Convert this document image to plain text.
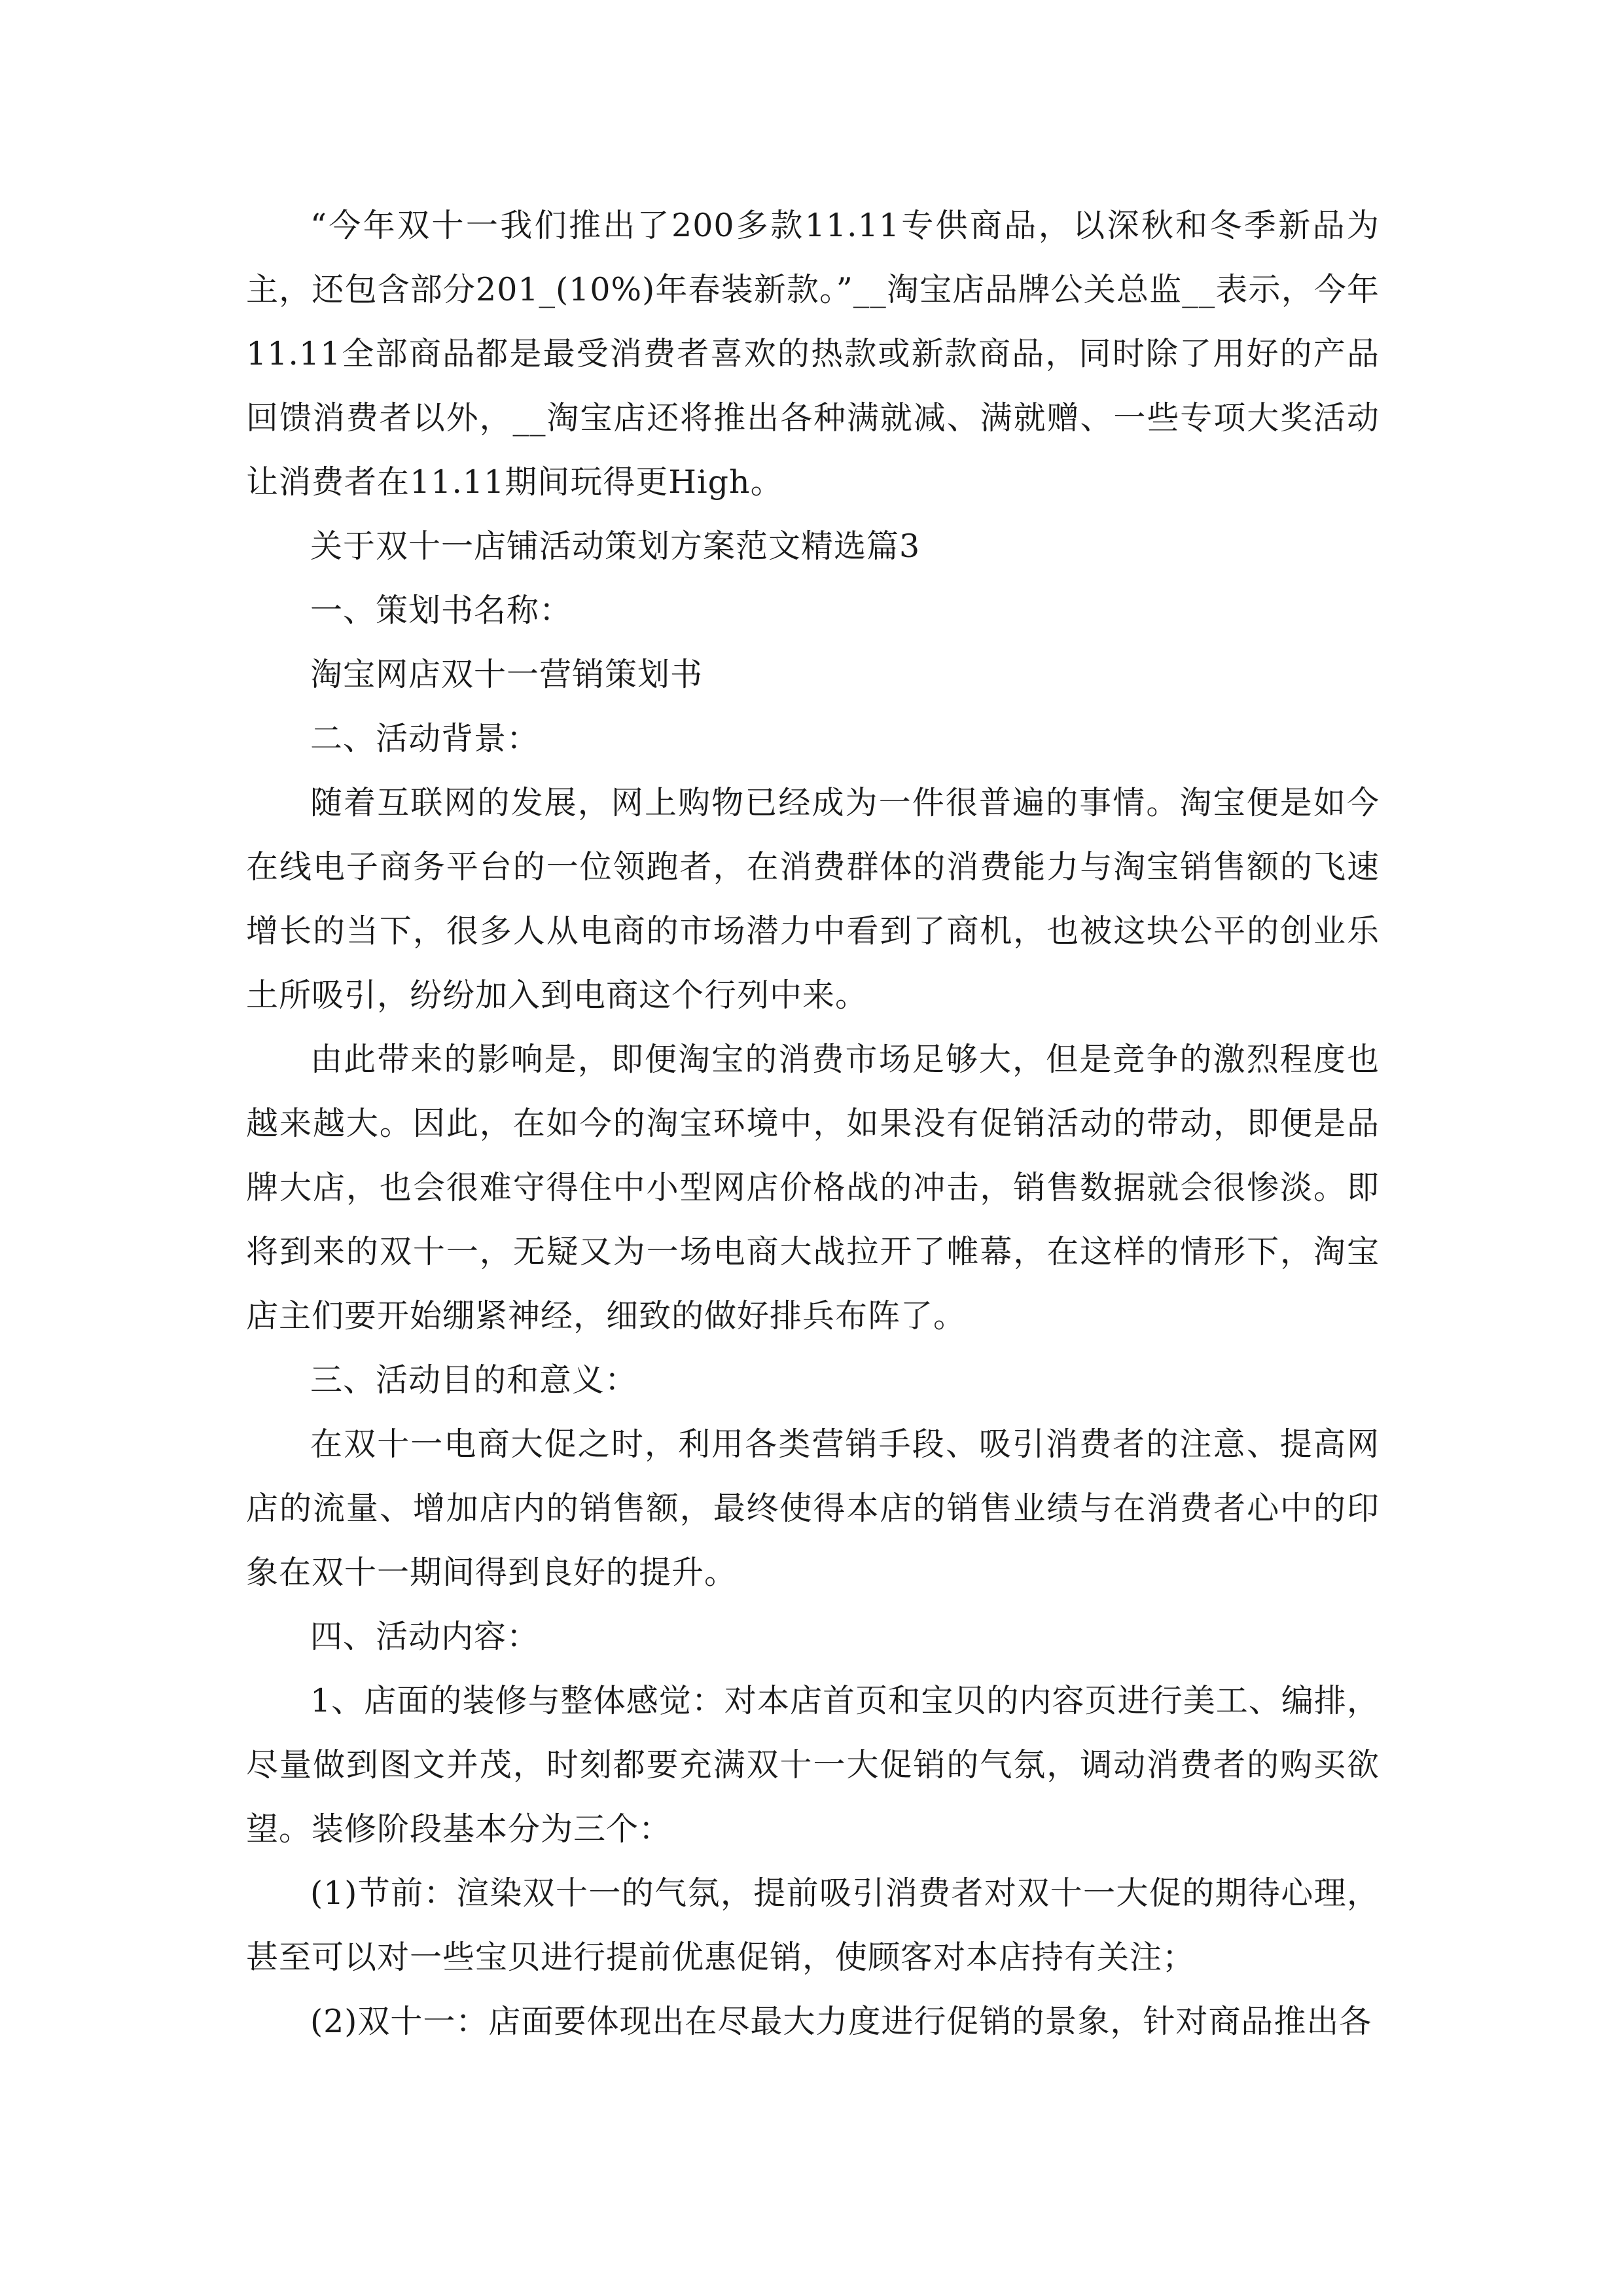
“今年双十一我们推出了200多款11.11专供商品，以深秋和冬季新品为主，还包含部分201_(10%)年春装新款。”__淘宝店品牌公关总监__表示，今年11.11全部商品都是最受消费者喜欢的热款或新款商品，同时除了用好的产品回馈消费者以外，__淘宝店还将推出各种满就减、满就赠、一些专项大奖活动让消费者在11.11期间玩得更High。

关于双十一店铺活动策划方案范文精选篇3

一、策划书名称：

淘宝网店双十一营销策划书

二、活动背景：

随着互联网的发展，网上购物已经成为一件很普遍的事情。淘宝便是如今在线电子商务平台的一位领跑者，在消费群体的消费能力与淘宝销售额的飞速增长的当下，很多人从电商的市场潜力中看到了商机，也被这块公平的创业乐土所吸引，纷纷加入到电商这个行列中来。

由此带来的影响是，即便淘宝的消费市场足够大，但是竞争的激烈程度也越来越大。因此，在如今的淘宝环境中，如果没有促销活动的带动，即便是品牌大店，也会很难守得住中小型网店价格战的冲击，销售数据就会很惨淡。即将到来的双十一，无疑又为一场电商大战拉开了帷幕，在这样的情形下，淘宝店主们要开始绷紧神经，细致的做好排兵布阵了。

三、活动目的和意义：

在双十一电商大促之时，利用各类营销手段、吸引消费者的注意、提高网店的流量、增加店内的销售额，最终使得本店的销售业绩与在消费者心中的印象在双十一期间得到良好的提升。

四、活动内容：

1、店面的装修与整体感觉：对本店首页和宝贝的内容页进行美工、编排，尽量做到图文并茂，时刻都要充满双十一大促销的气氛，调动消费者的购买欲望。装修阶段基本分为三个：

(1)节前：渲染双十一的气氛，提前吸引消费者对双十一大促的期待心理，甚至可以对一些宝贝进行提前优惠促销，使顾客对本店持有关注；

(2)双十一：店面要体现出在尽最大力度进行促销的景象，针对商品推出各
